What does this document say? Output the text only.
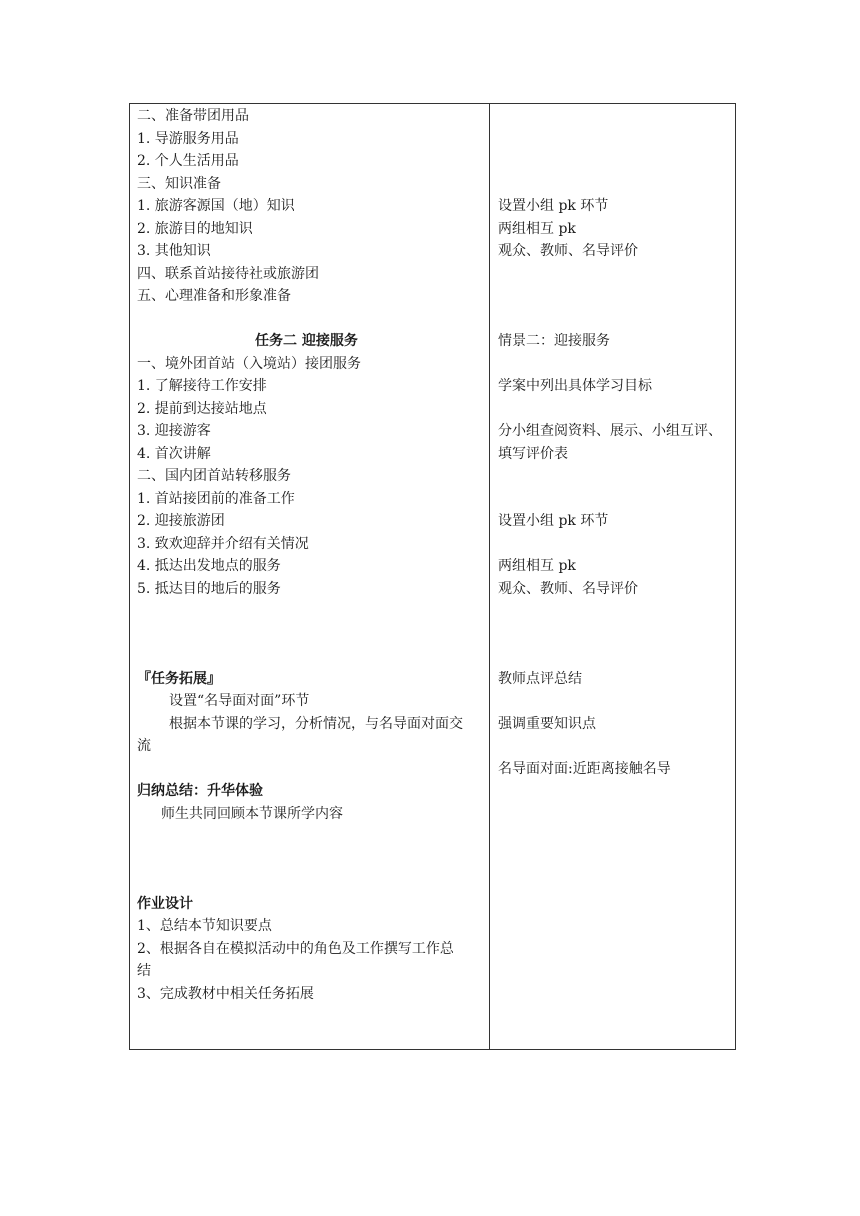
二、准备带团用品
1. 导游服务用品
2. 个人生活用品
三、知识准备
1. 旅游客源国（地）知识
2. 旅游目的地知识
3. 其他知识
四、联系首站接待社或旅游团
五、心理准备和形象准备
任务二 迎接服务
一、境外团首站（入境站）接团服务
1. 了解接待工作安排
2. 提前到达接站地点
3. 迎接游客
4. 首次讲解
二、国内团首站转移服务
1. 首站接团前的准备工作
2. 迎接旅游团
3. 致欢迎辞并介绍有关情况
4. 抵达出发地点的服务
5. 抵达目的地后的服务
『任务拓展』
设置“名导面对面”环节
根据本节课的学习，分析情况，与名导面对面交
流
归纳总结：升华体验
师生共同回顾本节课所学内容
作业设计
1、总结本节知识要点
2、根据各自在模拟活动中的角色及工作撰写工作总
结
3、完成教材中相关任务拓展
设置小组 pk 环节
两组相互 pk
观众、教师、名导评价
情景二：迎接服务
学案中列出具体学习目标
分小组查阅资料、展示、小组互评、
填写评价表
设置小组 pk 环节
两组相互 pk
观众、教师、名导评价
教师点评总结
强调重要知识点
名导面对面:近距离接触名导
